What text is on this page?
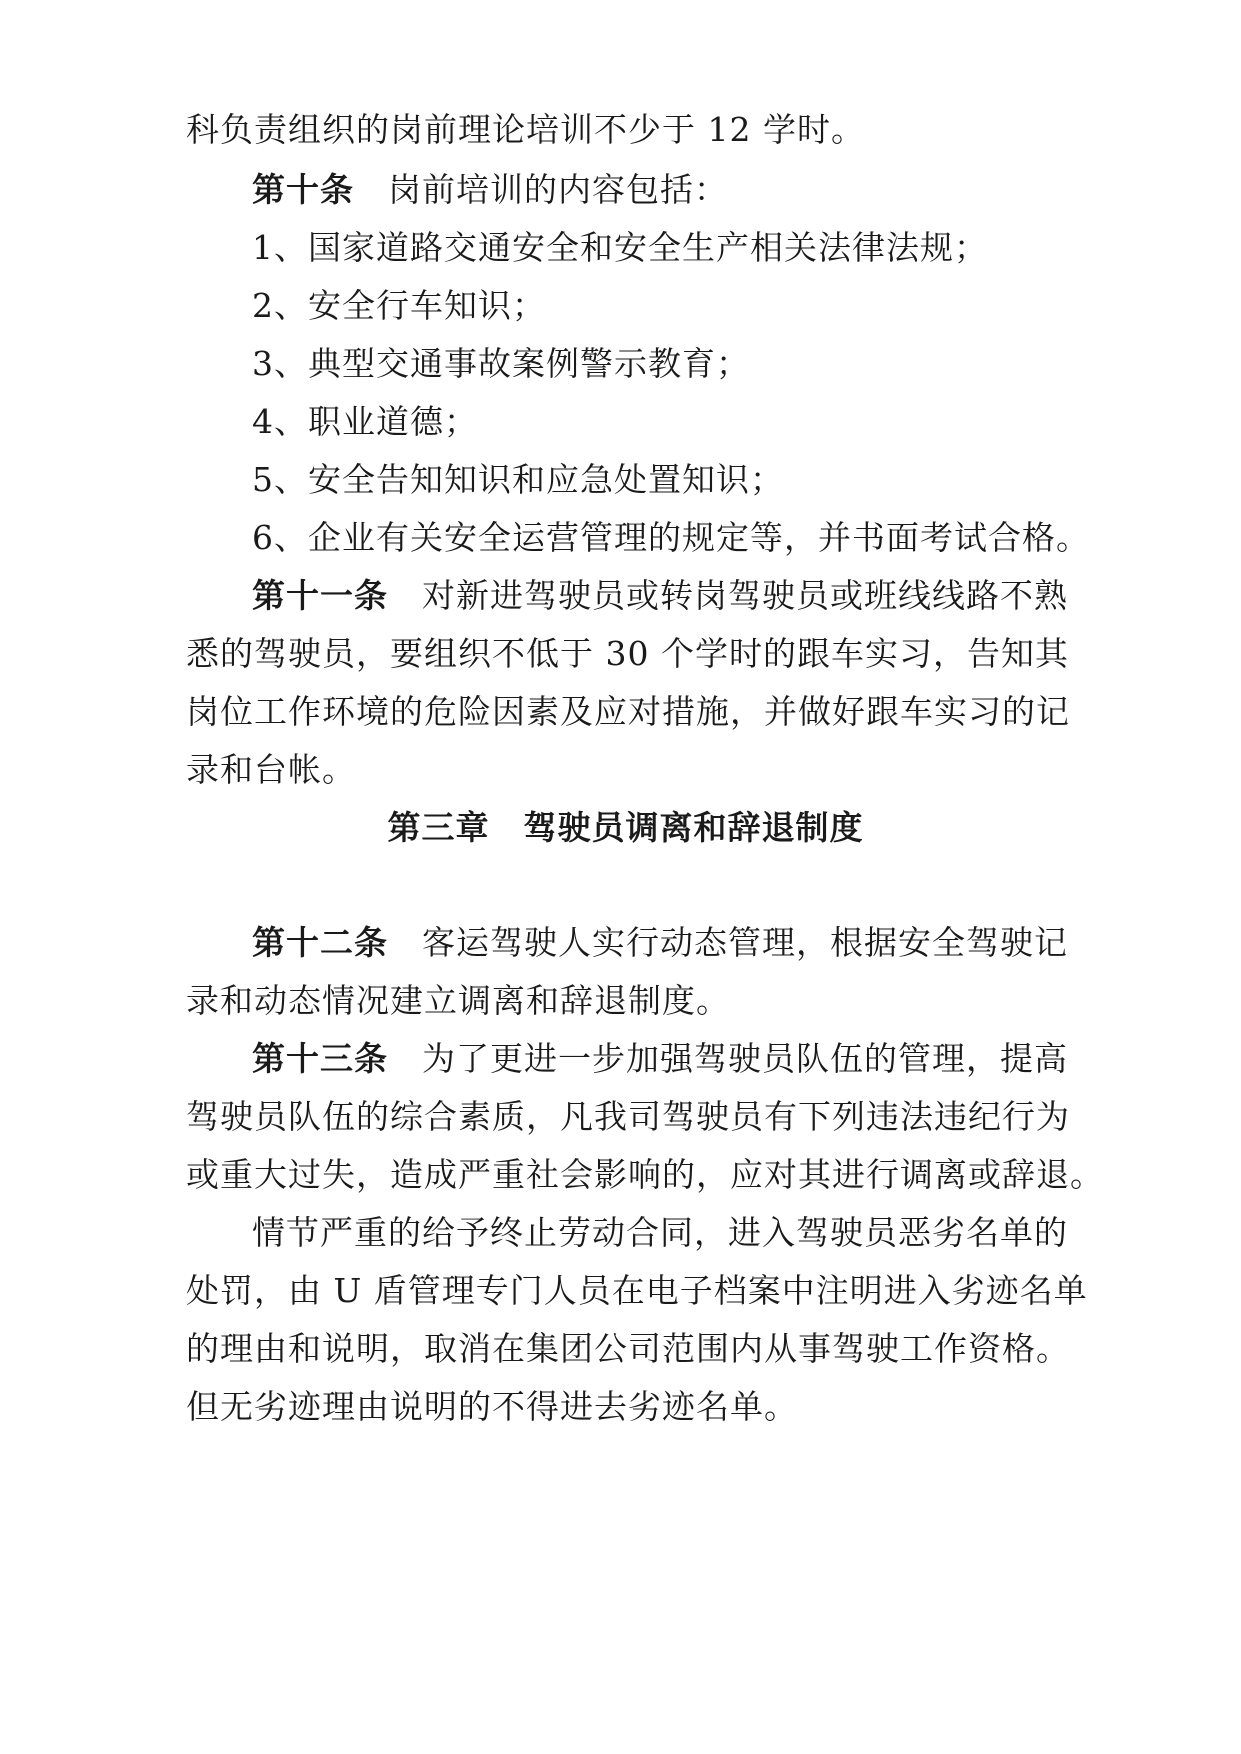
科负责组织的岗前理论培训不少于 12 学时。
第十条 岗前培训的内容包括：
1、国家道路交通安全和安全生产相关法律法规；
2、安全行车知识；
3、典型交通事故案例警示教育；
4、职业道德；
5、安全告知知识和应急处置知识；
6、企业有关安全运营管理的规定等，并书面考试合格。
第十一条 对新进驾驶员或转岗驾驶员或班线线路不熟
悉的驾驶员，要组织不低于 30 个学时的跟车实习，告知其
岗位工作环境的危险因素及应对措施，并做好跟车实习的记
录和台帐。
第三章 驾驶员调离和辞退制度
第十二条 客运驾驶人实行动态管理，根据安全驾驶记
录和动态情况建立调离和辞退制度。
第十三条 为了更进一步加强驾驶员队伍的管理，提高
驾驶员队伍的综合素质，凡我司驾驶员有下列违法违纪行为
或重大过失，造成严重社会影响的，应对其进行调离或辞退。
情节严重的给予终止劳动合同，进入驾驶员恶劣名单的
处罚，由 U 盾管理专门人员在电子档案中注明进入劣迹名单
的理由和说明，取消在集团公司范围内从事驾驶工作资格。
但无劣迹理由说明的不得进去劣迹名单。
